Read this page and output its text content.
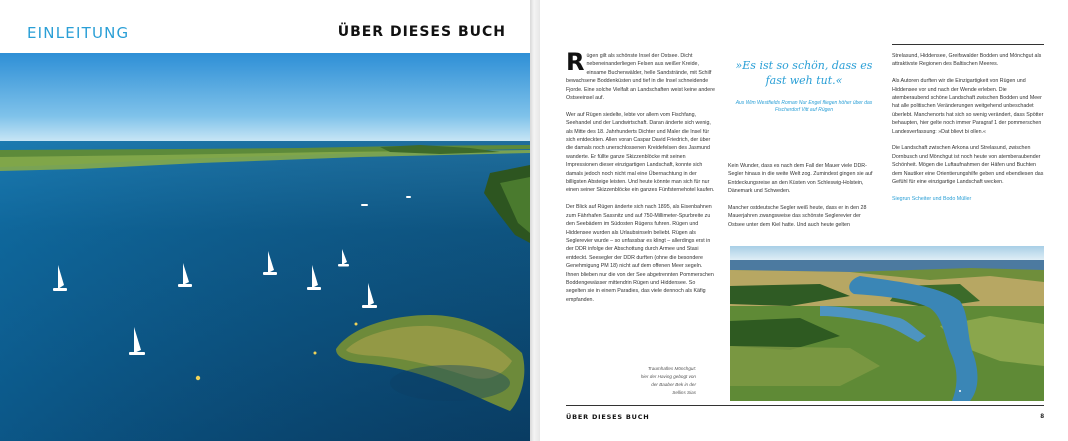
EINLEITUNG	ÜBER DIESES BUCH

Rügen gilt als schönste Insel der Ostsee. Dicht nebeneinanderliegen Felsen aus weißer Kreide, einsame Buchenwälder, helle Sandstrände, mit Schilf bewachsene Boddenküsten und tief in die Insel schneidende Fjorde. Eine solche Vielfalt an Landschaften weist keine andere Ostseeinsel auf.

Wer auf Rügen siedelte, lebte vor allem vom Fischfang, Seehandel und der Landwirtschaft. Daran änderte sich wenig, als Mitte des 18. Jahrhunderts Dichter und Maler die Insel für sich entdeckten. Allen voran Caspar David Friedrich, der über die damals noch unerschlossenen Kreidefelsen des Jasmund wanderte. Er füllte ganze Skizzenblöcke mit seinen Impressionen dieser einzigartigen Landschaft, konnte sich damals jedoch noch nicht mal eine Übernachtung in der billigsten Absteige leisten. Und heute könnte man sich für nur einen seiner Skizzenblöcke ein ganzes Fünfsternehotel kaufen.

Der Blick auf Rügen änderte sich nach 1895, als Eisenbahnen zum Fährhafen Sassnitz und auf 750-Millimeter-Spurbreite zu den Seebädern im Südosten Rügens fuhren. Rügen und Hiddensee wurden als Urlaubsinseln beliebt. Rügen als Seglerevier wurde – so unfassbar es klingt – allerdings erst in der DDR infolge der Abschottung durch Armee und Stasi entdeckt. Seesegler der DDR durften (ohne die besondere Genehmigung PM 18) nicht auf dem offenen Meer segeln. Ihnen blieben nur die von der See abgetrennten Pommerschen Boddengewässer mittendrin Rügen und Hiddensee. So segelten sie in einem Paradies, das viele dennoch als Käfig empfanden.

»Es ist so schön, dass es fast weh tut.«
Aus Wim Westfields Roman Nur Engel fliegen höher über das Fischerdorf Vitt auf Rügen

Kein Wunder, dass es nach dem Fall der Mauer viele DDR-Segler hinaus in die weite Welt zog. Zumindest gingen sie auf Entdeckungsreise an den Küsten von Schleswig-Holstein, Dänemark und Schweden.

Mancher ostdeutsche Segler weiß heute, dass er in den 28 Mauerjahren zwangsweise das schönste Seglerevier der Ostsee unter dem Kiel hatte. Und auch heute gelten

Strelasund, Hiddensee, Greifswalder Bodden und Mönchgut als attraktivste Regionen des Baltischen Meeres.

Als Autoren durften wir die Einzigartigkeit von Rügen und Hiddensee vor und nach der Wende erleben. Die atemberaubend schöne Landschaft zwischen Bodden und Meer hat alle politischen Veränderungen weitgehend unbeschadet überlebt. Manchenorts hat sich so wenig verändert, dass Spötter behaupten, hier gelte noch immer Paragraf 1 der pommerschen Landesverfassung: »Dat blievt bi ollen.«

Die Landschaft zwischen Arkona und Strelasund, zwischen Dornbusch und Mönchgut ist noch heute von atemberaubender Schönheit. Mögen die Luftaufnahmen der Häfen und Buchten dem Nautiker eine Orientierungshilfe geben und ebendiesen das Gefühl für eine einzigartige Landschaft wecken.

Siegrun Scheiter und Bodo Müller

Traumhaftes Mönchgut: hier der Having gebogt von der Baaber Bek in der Sellins Sias
ÜBER DIESES BUCH	8
